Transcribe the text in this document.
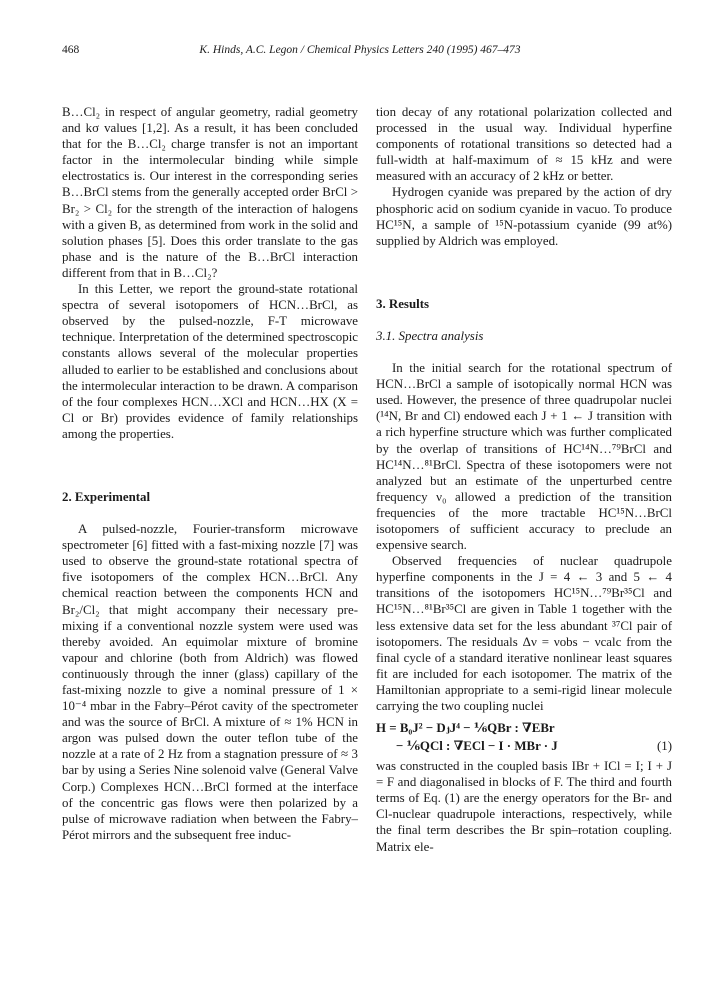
468	K. Hinds, A.C. Legon / Chemical Physics Letters 240 (1995) 467–473

B…Cl₂ in respect of angular geometry, radial geometry and kσ values [1,2]. As a result, it has been concluded that for the B…Cl₂ charge transfer is not an important factor in the intermolecular binding while simple electrostatics is. Our interest in the corresponding series B…BrCl stems from the generally accepted order BrCl > Br₂ > Cl₂ for the strength of the interaction of halogens with a given B, as determined from work in the solid and solution phases [5]. Does this order translate to the gas phase and is the nature of the B…BrCl interaction different from that in B…Cl₂?

In this Letter, we report the ground-state rotational spectra of several isotopomers of HCN…BrCl, as observed by the pulsed-nozzle, F-T microwave technique. Interpretation of the determined spectroscopic constants allows several of the molecular properties alluded to earlier to be established and conclusions about the intermolecular interaction to be drawn. A comparison of the four complexes HCN…XCl and HCN…HX (X = Cl or Br) provides evidence of family relationships among the properties.

2. Experimental

A pulsed-nozzle, Fourier-transform microwave spectrometer [6] fitted with a fast-mixing nozzle [7] was used to observe the ground-state rotational spectra of five isotopomers of the complex HCN…BrCl. Any chemical reaction between the components HCN and Br₂/Cl₂ that might accompany their necessary pre-mixing if a conventional nozzle system were used was thereby avoided. An equimolar mixture of bromine vapour and chlorine (both from Aldrich) was flowed continuously through the inner (glass) capillary of the fast-mixing nozzle to give a nominal pressure of 1 × 10⁻⁴ mbar in the Fabry–Pérot cavity of the spectrometer and was the source of BrCl. A mixture of ≈ 1% HCN in argon was pulsed down the outer teflon tube of the nozzle at a rate of 2 Hz from a stagnation pressure of ≈ 3 bar by using a Series Nine solenoid valve (General Valve Corp.) Complexes HCN…BrCl formed at the interface of the concentric gas flows were then polarized by a pulse of microwave radiation when between the Fabry–Pérot mirrors and the subsequent free induc-

tion decay of any rotational polarization collected and processed in the usual way. Individual hyperfine components of rotational transitions so detected had a full-width at half-maximum of ≈ 15 kHz and were measured with an accuracy of 2 kHz or better.

Hydrogen cyanide was prepared by the action of dry phosphoric acid on sodium cyanide in vacuo. To produce HC¹⁵N, a sample of ¹⁵N-potassium cyanide (99 at%) supplied by Aldrich was employed.

3. Results

3.1. Spectra analysis

In the initial search for the rotational spectrum of HCN…BrCl a sample of isotopically normal HCN was used. However, the presence of three quadrupolar nuclei (¹⁴N, Br and Cl) endowed each J + 1 ← J transition with a rich hyperfine structure which was further complicated by the overlap of transitions of HC¹⁴N…⁷⁹BrCl and HC¹⁴N…⁸¹BrCl. Spectra of these isotopomers were not analyzed but an estimate of the unperturbed centre frequency ν₀ allowed a prediction of the transition frequencies of the more tractable HC¹⁵N…BrCl isotopomers of sufficient accuracy to preclude an expensive search.

Observed frequencies of nuclear quadrupole hyperfine components in the J = 4 ← 3 and 5 ← 4 transitions of the isotopomers HC¹⁵N…⁷⁹Br³⁵Cl and HC¹⁵N…⁸¹Br³⁵Cl are given in Table 1 together with the less extensive data set for the less abundant ³⁷Cl pair of isotopomers. The residuals Δν = νobs − νcalc from the final cycle of a standard iterative nonlinear least squares fit are included for each isotopomer. The matrix of the Hamiltonian appropriate to a semi-rigid linear molecule carrying the two coupling nuclei

H = B₀J² − DⱼJ⁴ − ⅙QBr : ∇EBr
− ⅙QCl : ∇ECl − I · MBr · J	(1)

was constructed in the coupled basis IBr + ICl = I; I + J = F and diagonalised in blocks of F. The third and fourth terms of Eq. (1) are the energy operators for the Br- and Cl-nuclear quadrupole interactions, respectively, while the final term describes the Br spin–rotation coupling. Matrix ele-
